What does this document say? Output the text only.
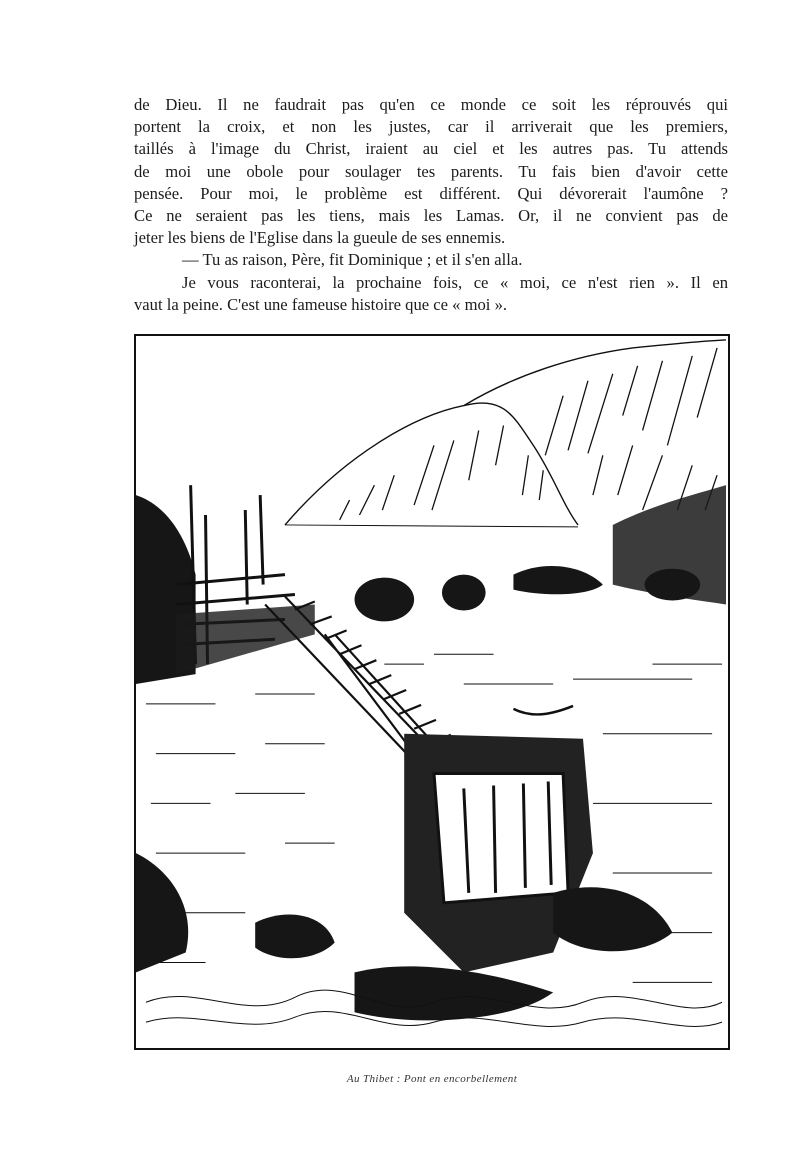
de Dieu. Il ne faudrait pas qu'en ce monde ce soit les réprouvés qui
portent la croix, et non les justes, car il arriverait que les premiers,
taillés à l'image du Christ, iraient au ciel et les autres pas. Tu attends
de moi une obole pour soulager tes parents. Tu fais bien d'avoir cette
pensée. Pour moi, le problème est différent. Qui dévorerait l'aumône ?
Ce ne seraient pas les tiens, mais les Lamas. Or, il ne convient pas de
jeter les biens de l'Eglise dans la gueule de ses ennemis.
— Tu as raison, Père, fit Dominique ; et il s'en alla.
Je vous raconterai, la prochaine fois, ce « moi, ce n'est rien ». Il en
vaut la peine. C'est une fameuse histoire que ce « moi ».
Au Thibet : Pont en encorbellement
